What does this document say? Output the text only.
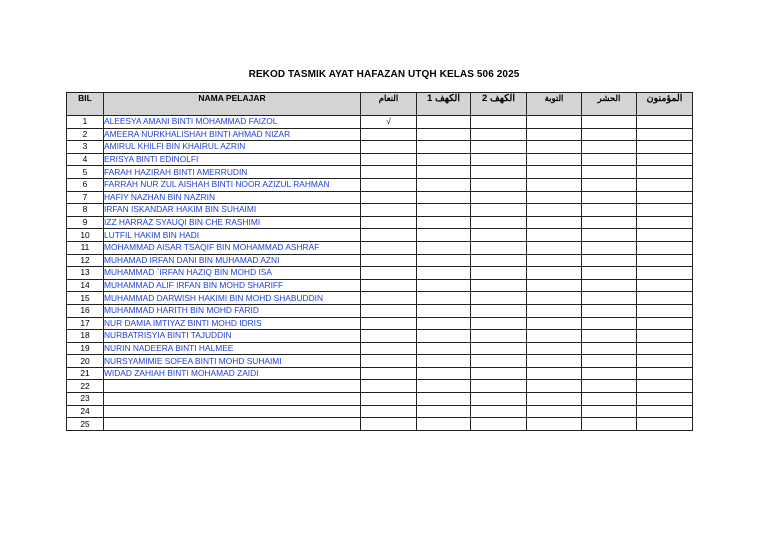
REKOD TASMIK AYAT HAFAZAN UTQH KELAS 506 2025
BIL	NAMA PELAJAR	النعام	الكهف 1	الكهف 2	التوبة	الحشر	المؤمنون
1	ALEESYA AMANI BINTI MOHAMMAD FAIZOL	√					
2	AMEERA NURKHALISHAH BINTI AHMAD NIZAR						
3	AMIRUL KHILFI BIN KHAIRUL AZRIN						
4	ERISYA BINTI EDINOLFI						
5	FARAH HAZIRAH BINTI AMERRUDIN						
6	FARRAH NUR ZUL AISHAH BINTI NOOR AZIZUL RAHMAN						
7	HAFIY NAZHAN BIN NAZRIN						
8	IRFAN ISKANDAR HAKIM BIN SUHAIMI						
9	IZZ HARRAZ SYAUQI BIN CHE RASHIMI						
10	LUTFIL HAKIM BIN HADI						
11	MOHAMMAD AISAR TSAQIF BIN MOHAMMAD ASHRAF						
12	MUHAMAD IRFAN DANI BIN MUHAMAD AZNI						
13	MUHAMMAD `IRFAN HAZIQ BIN MOHD ISA						
14	MUHAMMAD ALIF IRFAN BIN MOHD SHARIFF						
15	MUHAMMAD DARWISH HAKIMI BIN MOHD SHABUDDIN						
16	MUHAMMAD HARITH BIN MOHD FARID						
17	NUR DAMIA IMTIYAZ BINTI MOHD IDRIS						
18	NURBATRISYIA BINTI TAJUDDIN						
19	NURIN NADEERA BINTI HALMEE						
20	NURSYAMIMIE SOFEA BINTI MOHD SUHAIMI						
21	WIDAD ZAHIAH BINTI MOHAMAD ZAIDI						
22							
23							
24							
25							
